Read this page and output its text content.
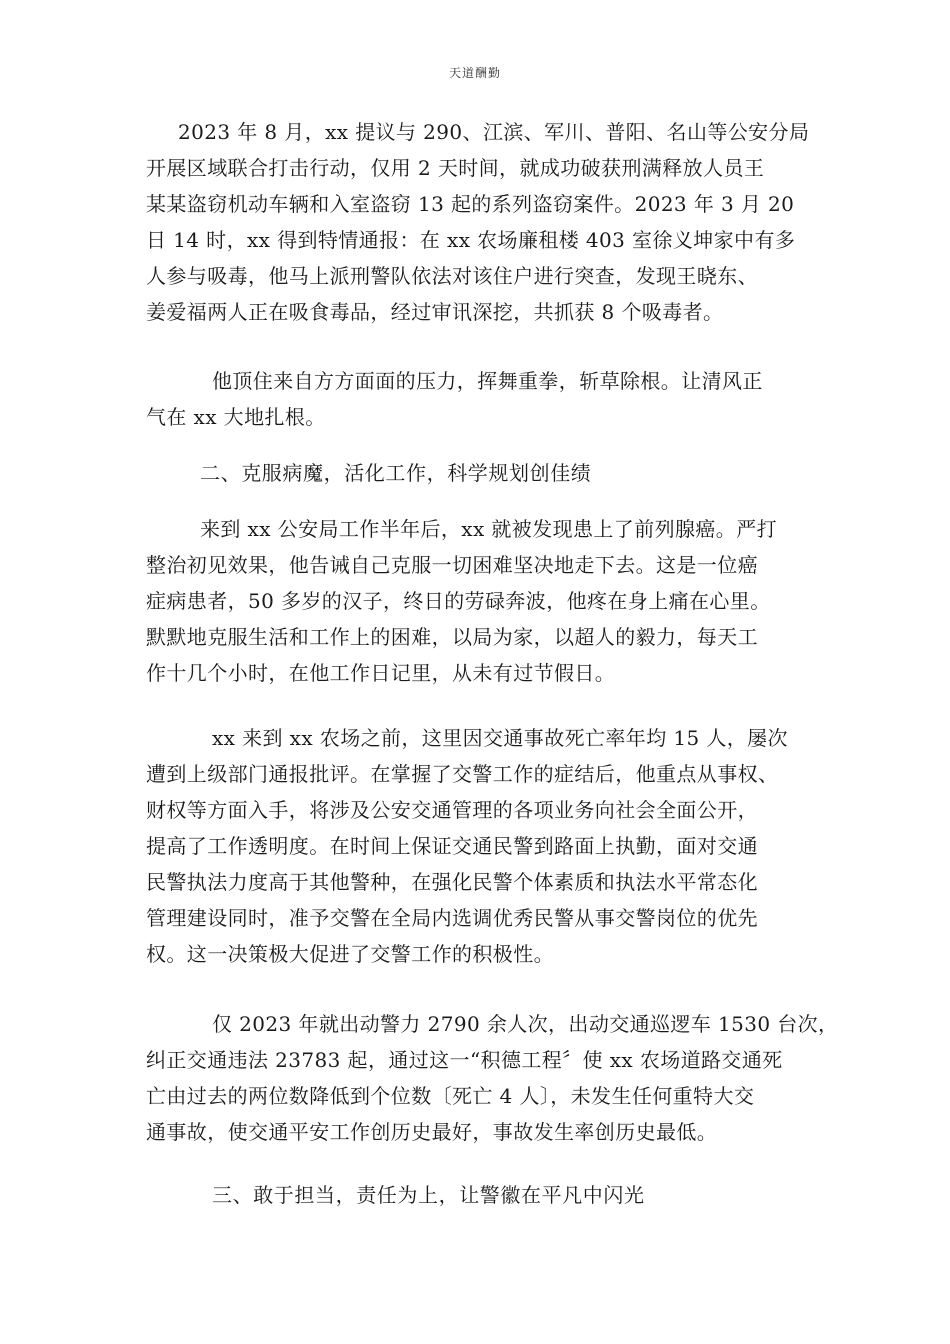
天道酬勤
2023 年 8 月，xx 提议与 290、江滨、军川、普阳、名山等公安分局
开展区域联合打击行动，仅用 2 天时间，就成功破获刑满释放人员王
某某盗窃机动车辆和入室盗窃 13 起的系列盗窃案件。2023 年 3 月 20
日 14 时，xx 得到特情通报：在 xx 农场廉租楼 403 室徐义坤家中有多
人参与吸毒，他马上派刑警队依法对该住户进行突查，发现王晓东、
姜爱福两人正在吸食毒品，经过审讯深挖，共抓获 8 个吸毒者。
他顶住来自方方面面的压力，挥舞重拳，斩草除根。让清风正
气在 xx 大地扎根。
二、克服病魔，活化工作，科学规划创佳绩
来到 xx 公安局工作半年后，xx 就被发现患上了前列腺癌。严打
整治初见效果，他告诫自己克服一切困难坚决地走下去。这是一位癌
症病患者，50 多岁的汉子，终日的劳碌奔波，他疼在身上痛在心里。
默默地克服生活和工作上的困难，以局为家，以超人的毅力，每天工
作十几个小时，在他工作日记里，从未有过节假日。
xx 来到 xx 农场之前，这里因交通事故死亡率年均 15 人，屡次
遭到上级部门通报批评。在掌握了交警工作的症结后，他重点从事权、
财权等方面入手，将涉及公安交通管理的各项业务向社会全面公开，
提高了工作透明度。在时间上保证交通民警到路面上执勤，面对交通
民警执法力度高于其他警种，在强化民警个体素质和执法水平常态化
管理建设同时，准予交警在全局内选调优秀民警从事交警岗位的优先
权。这一决策极大促进了交警工作的积极性。
仅 2023 年就出动警力 2790 余人次，出动交通巡逻车 1530 台次，
纠正交通违法 23783 起，通过这一“积德工程〞使 xx 农场道路交通死
亡由过去的两位数降低到个位数〔死亡 4 人〕，未发生任何重特大交
通事故，使交通平安工作创历史最好，事故发生率创历史最低。
三、敢于担当，责任为上，让警徽在平凡中闪光
